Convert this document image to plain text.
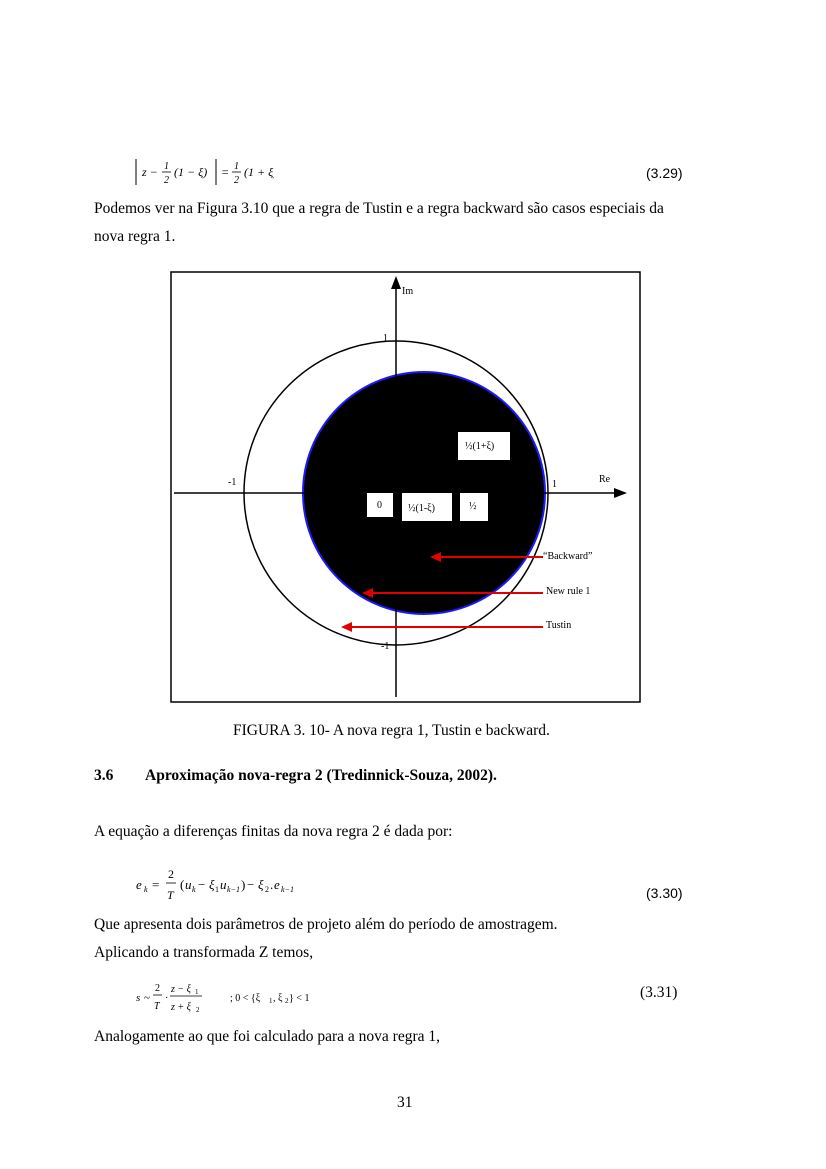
z − 1
2
(1 − ξ) = 1
2
(1 + ξ)	(3.29)
Podemos ver na Figura 3.10 que a regra de Tustin e a regra backward são casos especiais da
nova regra 1.
Im
Re
1
-1
-1	1
½(1+ξ)
0	½(1-ξ)	½
“Backward”
New rule 1
Tustin
FIGURA 3. 10- A nova regra 1, Tustin e backward.
3.6 Aproximação nova-regra 2 (Tredinnick-Souza, 2002).
A equação a diferenças finitas da nova regra 2 é dada por:
e k =
2
T
( u k − ξ 1 u k−1 ) − ξ 2 . e k−1	(3.30)
Que apresenta dois parâmetros de projeto além do período de amostragem.
Aplicando a transformada Z temos,
s ~
2
T
·
z − ξ 1
z + ξ 2
; 0 < {ξ 1 , ξ 2 } < 1	(3.31)
Analogamente ao que foi calculado para a nova regra 1,
31
